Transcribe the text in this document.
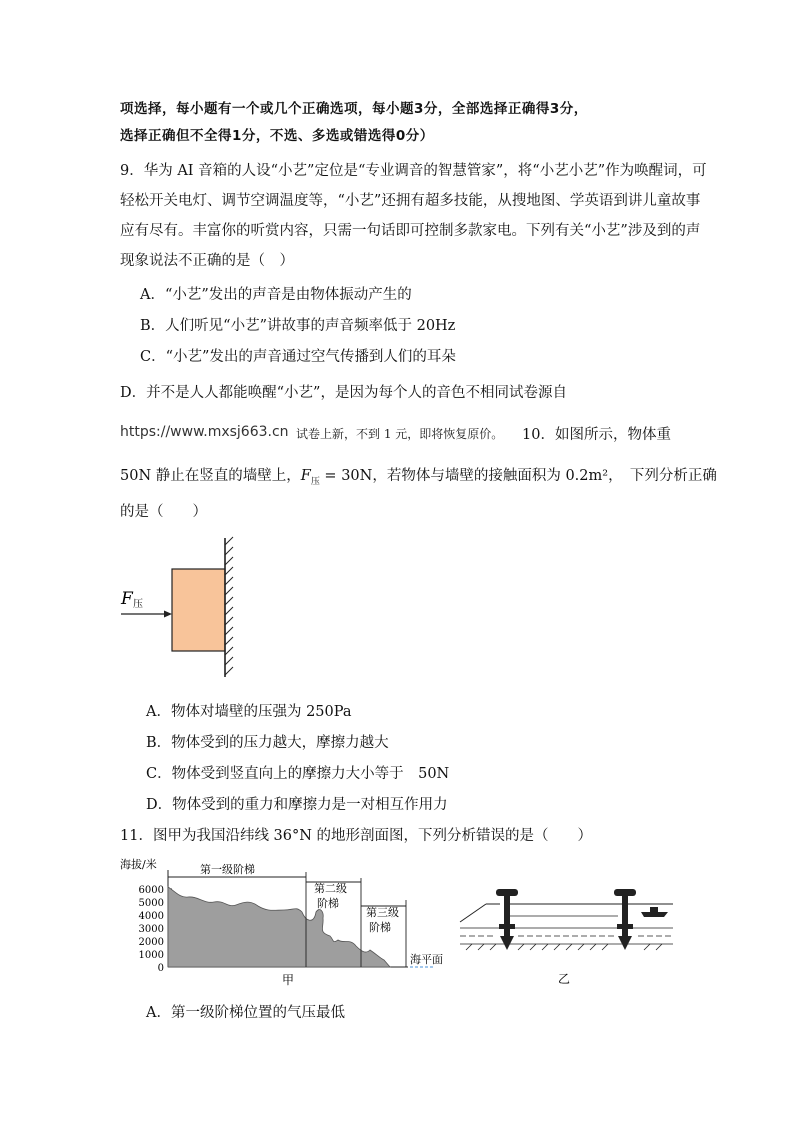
项选择，每小题有一个或几个正确选项，每小题3分，全部选择正确得3分，
选择正确但不全得1分，不选、多选或错选得0分）
9．华为 AI 音箱的人设“小艺”定位是“专业调音的智慧管家”，将“小艺小艺”作为唤醒词，可
轻松开关电灯、调节空调温度等，“小艺”还拥有超多技能，从搜地图、学英语到讲儿童故事
应有尽有。丰富你的听赏内容，只需一句话即可控制多款家电。下列有关“小艺”涉及到的声
现象说法不正确的是（　）
A．“小艺”发出的声音是由物体振动产生的
B．人们听见“小艺”讲故事的声音频率低于 20Hz
C．“小艺”发出的声音通过空气传播到人们的耳朵
D．并不是人人都能唤醒“小艺”，是因为每个人的音色不相同试卷源自
https://www.mxsj663.cn 试卷上新，不到 1 元，即将恢复原价。 10．如图所示，物体重
50N 静止在竖直的墙壁上，$F_压 = 30N$，若物体与墙壁的接触面积为 0.2m²，　下列分析正确
的是（　　）
F 压
A．物体对墙壁的压强为 250Pa
B．物体受到的压力越大，摩擦力越大
C．物体受到竖直向上的摩擦力大小等于　50N
D．物体受到的重力和摩擦力是一对相互作用力
11．图甲为我国沿纬线 36°N 的地形剖面图，下列分析错误的是（　　）
海拔/米
6000
5000
4000
3000
2000
1000
0
第一级阶梯
第二级
阶梯
第三级
阶梯
海平面
甲	乙
A．第一级阶梯位置的气压最低
